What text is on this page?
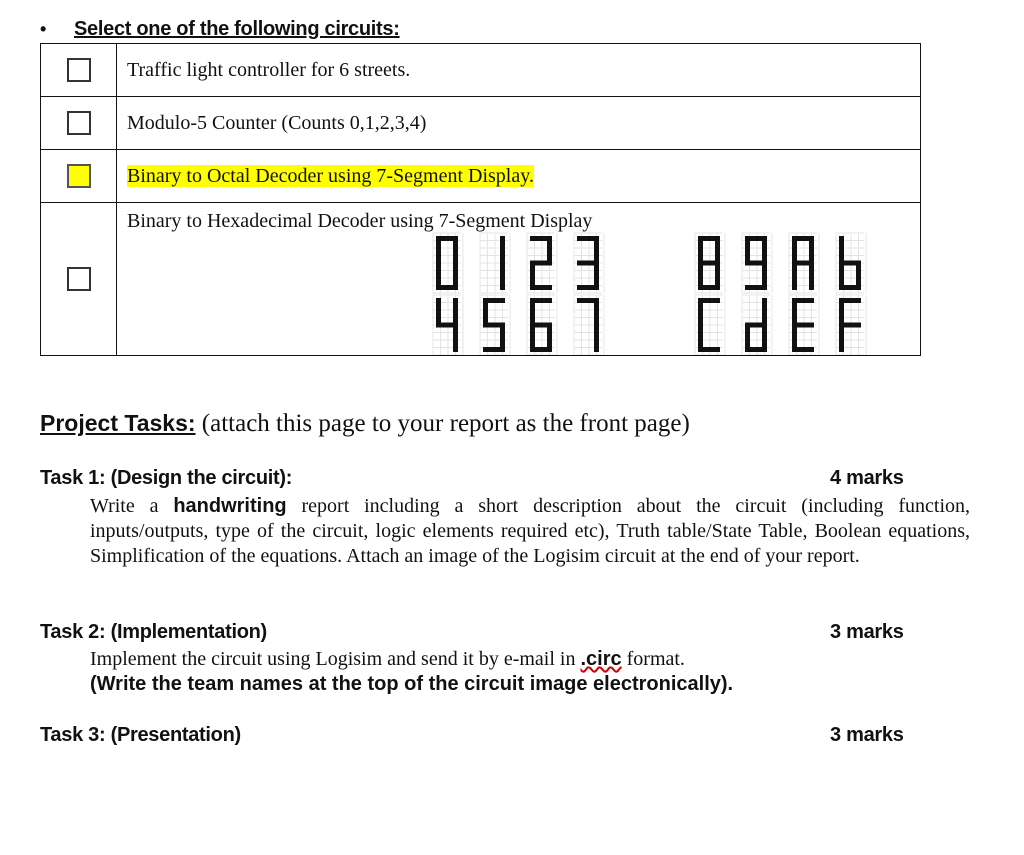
• Select one of the following circuits:
	Traffic light controller for 6 streets.
	Modulo-5 Counter (Counts 0,1,2,3,4)
	Binary to Octal Decoder using 7-Segment Display.

	Binary to Hexadecimal Decoder using 7-Segment Display
Project Tasks: (attach this page to your report as the front page)
Task 1: (Design the circuit):	4 marks
Write a handwriting report including a short description about the circuit (including function, inputs/outputs, type of the circuit, logic elements required etc), Truth table/State Table, Boolean equations, Simplification of the equations. Attach an image of the Logisim circuit at the end of your report.
Task 2: (Implementation)	3 marks
Implement the circuit using Logisim and send it by e-mail in .circ format.
(Write the team names at the top of the circuit image electronically).
Task 3: (Presentation)	3 marks
